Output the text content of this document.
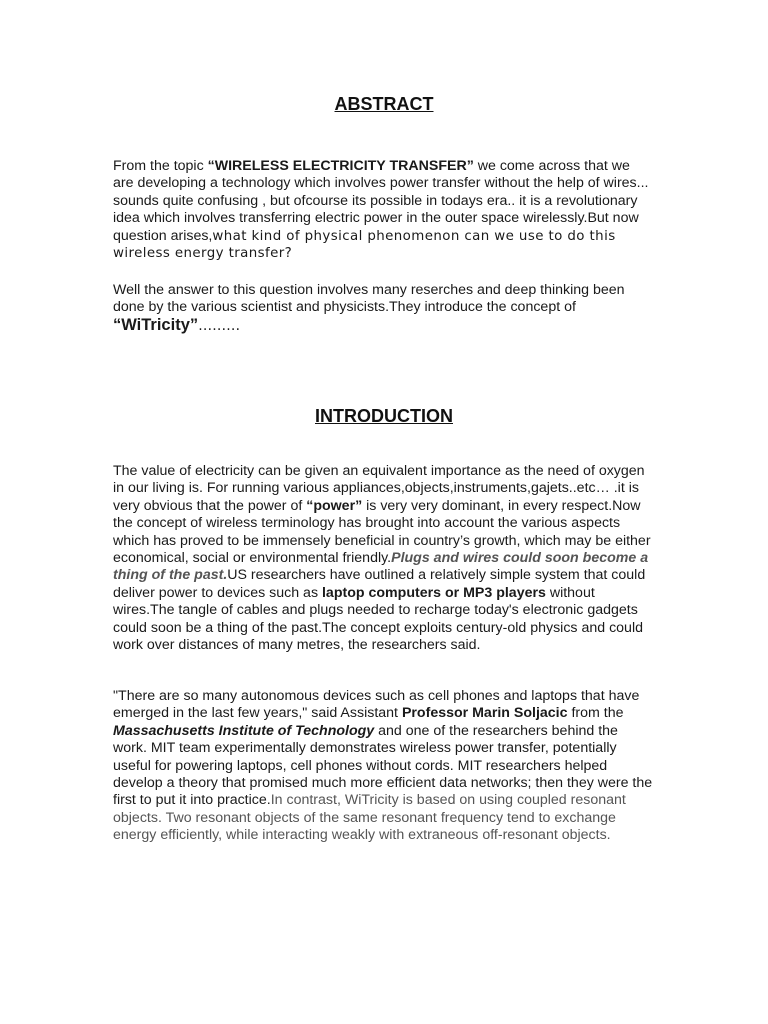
ABSTRACT

From the topic “WIRELESS ELECTRICITY TRANSFER” we come across that we are developing a technology which involves power transfer without the help of wires... sounds quite confusing , but ofcourse its possible in todays era.. it is a revolutionary idea which involves transferring electric power in the outer space wirelessly.But now question arises,what kind of physical phenomenon can we use to do this wireless energy transfer?

Well the answer to this question involves many reserches and deep thinking been done by the various scientist and physicists.They introduce the concept of “WiTricity”………

INTRODUCTION

The value of electricity can be given an equivalent importance as the need of oxygen in our living is. For running various appliances,objects,instruments,gajets..etc… .it is very obvious that the power of “power” is very very dominant, in every respect.Now the concept of wireless terminology has brought into account the various aspects which has proved to be immensely beneficial in country’s growth, which may be either economical, social or environmental friendly.Plugs and wires could soon become a thing of the past.US researchers have outlined a relatively simple system that could deliver power to devices such as laptop computers or MP3 players without wires.The tangle of cables and plugs needed to recharge today's electronic gadgets could soon be a thing of the past.The concept exploits century-old physics and could work over distances of many metres, the researchers said.

"There are so many autonomous devices such as cell phones and laptops that have emerged in the last few years," said Assistant Professor Marin Soljacic from the Massachusetts Institute of Technology and one of the researchers behind the work. MIT team experimentally demonstrates wireless power transfer, potentially useful for powering laptops, cell phones without cords. MIT researchers helped develop a theory that promised much more efficient data networks; then they were the first to put it into practice.In contrast, WiTricity is based on using coupled resonant objects. Two resonant objects of the same resonant frequency tend to exchange energy efficiently, while interacting weakly with extraneous off-resonant objects.
